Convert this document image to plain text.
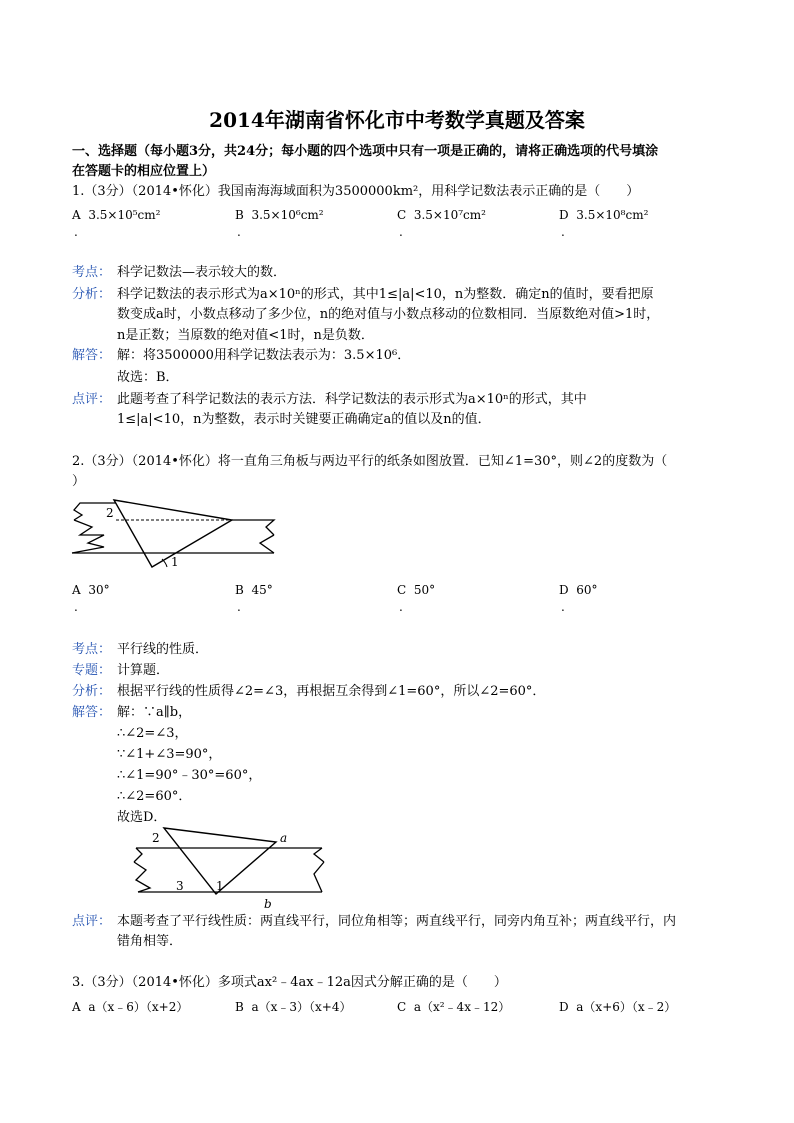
2014年湖南省怀化市中考数学真题及答案
一、选择题（每小题3分，共24分；每小题的四个选项中只有一项是正确的，请将正确选项的代号填涂
在答题卡的相应位置上）
1.（3分）（2014•怀化）我国南海海域面积为3500000km²，用科学记数法表示正确的是（　　）
A 3.5×10⁵cm²	B 3.5×10⁶cm²	C 3.5×10⁷cm²	D 3.5×10⁸cm²
.	.	.	.
考点： 科学记数法—表示较大的数．
分析： 科学记数法的表示形式为a×10ⁿ的形式，其中1≤|a|<10，n为整数．确定n的值时，要看把原
数变成a时，小数点移动了多少位，n的绝对值与小数点移动的位数相同．当原数绝对值>1时，
n是正数；当原数的绝对值<1时，n是负数．
解答： 解：将3500000用科学记数法表示为：3.5×10⁶．
故选：B．
点评： 此题考查了科学记数法的表示方法．科学记数法的表示形式为a×10ⁿ的形式，其中
1≤|a|<10，n为整数，表示时关键要正确确定a的值以及n的值．
2.（3分）（2014•怀化）将一直角三角板与两边平行的纸条如图放置．已知∠1=30°，则∠2的度数为（
）
1
2
A 30°	B 45°	C 50°	D 60°
.	.	.	.
考点： 平行线的性质．
专题： 计算题．
分析： 根据平行线的性质得∠2=∠3，再根据互余得到∠1=60°，所以∠2=60°．
解答： 解：∵a∥b，
∴∠2=∠3，
∵∠1+∠3=90°，
∴∠1=90°﹣30°=60°，
∴∠2=60°．
故选D．
2
3	1
a
b
点评： 本题考查了平行线性质：两直线平行，同位角相等；两直线平行，同旁内角互补；两直线平行，内
错角相等．
3.（3分）（2014•怀化）多项式ax²﹣4ax﹣12a因式分解正确的是（　　）
A a（x﹣6）（x+2）	B a（x﹣3）（x+4）	C a（x²﹣4x﹣12）	D a（x+6）（x﹣2）
